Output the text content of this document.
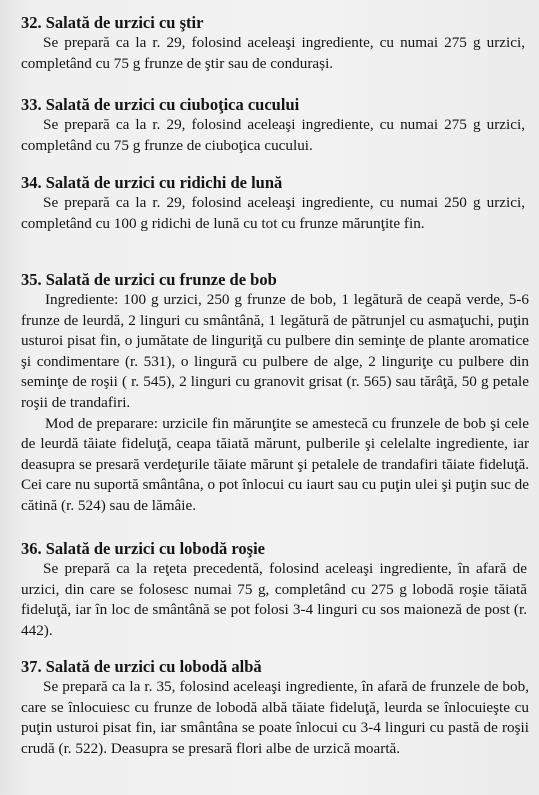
32. Salată de urzici cu ştir

Se prepară ca la r. 29, folosind aceleaşi ingrediente, cu numai 275 g urzici, completând cu 75 g frunze de ştir sau de condurași.

33. Salată de urzici cu ciuboţica cucului

Se prepară ca la r. 29, folosind aceleaşi ingrediente, cu numai 275 g urzici, completând cu 75 g frunze de ciuboţica cucului.

34. Salată de urzici cu ridichi de lună

Se prepară ca la r. 29, folosind aceleaşi ingrediente, cu numai 250 g urzici, completând cu 100 g ridichi de lună cu tot cu frunze mărunţite fin.

35. Salată de urzici cu frunze de bob

Ingrediente: 100 g urzici, 250 g frunze de bob, 1 legătură de ceapă verde, 5-6 frunze de leurdă, 2 linguri cu smântână, 1 legătură de pătrunjel cu asmaţuchi, puţin usturoi pisat fin, o jumătate de linguriţă cu pulbere din seminţe de plante aromatice şi condimentare (r. 531), o lingură cu pulbere de alge, 2 linguriţe cu pulbere din seminţe de roşii ( r. 545), 2 linguri cu granovit grisat (r. 565) sau tărâţă, 50 g petale roşii de trandafiri.

Mod de preparare: urzicile fin mărunţite se amestecă cu frunzele de bob şi cele de leurdă tăiate fideluţă, ceapa tăiată mărunt, pulberile şi celelalte ingrediente, iar deasupra se presară verdeţurile tăiate mărunt şi petalele de trandafiri tăiate fideluţă. Cei care nu suportă smântâna, o pot înlocui cu iaurt sau cu puţin ulei şi puţin suc de cătină (r. 524) sau de lămâie.

36. Salată de urzici cu lobodă roşie

Se prepară ca la reţeta precedentă, folosind aceleaşi ingrediente, în afară de urzici, din care se folosesc numai 75 g, completând cu 275 g lobodă roşie tăiată fideluţă, iar în loc de smântână se pot folosi 3-4 linguri cu sos maioneză de post (r. 442).

37. Salată de urzici cu lobodă albă

Se prepară ca la r. 35, folosind aceleaşi ingrediente, în afară de frunzele de bob, care se înlocuiesc cu frunze de lobodă albă tăiate fideluţă, leurda se înlocuieşte cu puţin usturoi pisat fin, iar smântâna se poate înlocui cu 3-4 linguri cu pastă de roşii crudă (r. 522). Deasupra se presară flori albe de urzică moartă.
